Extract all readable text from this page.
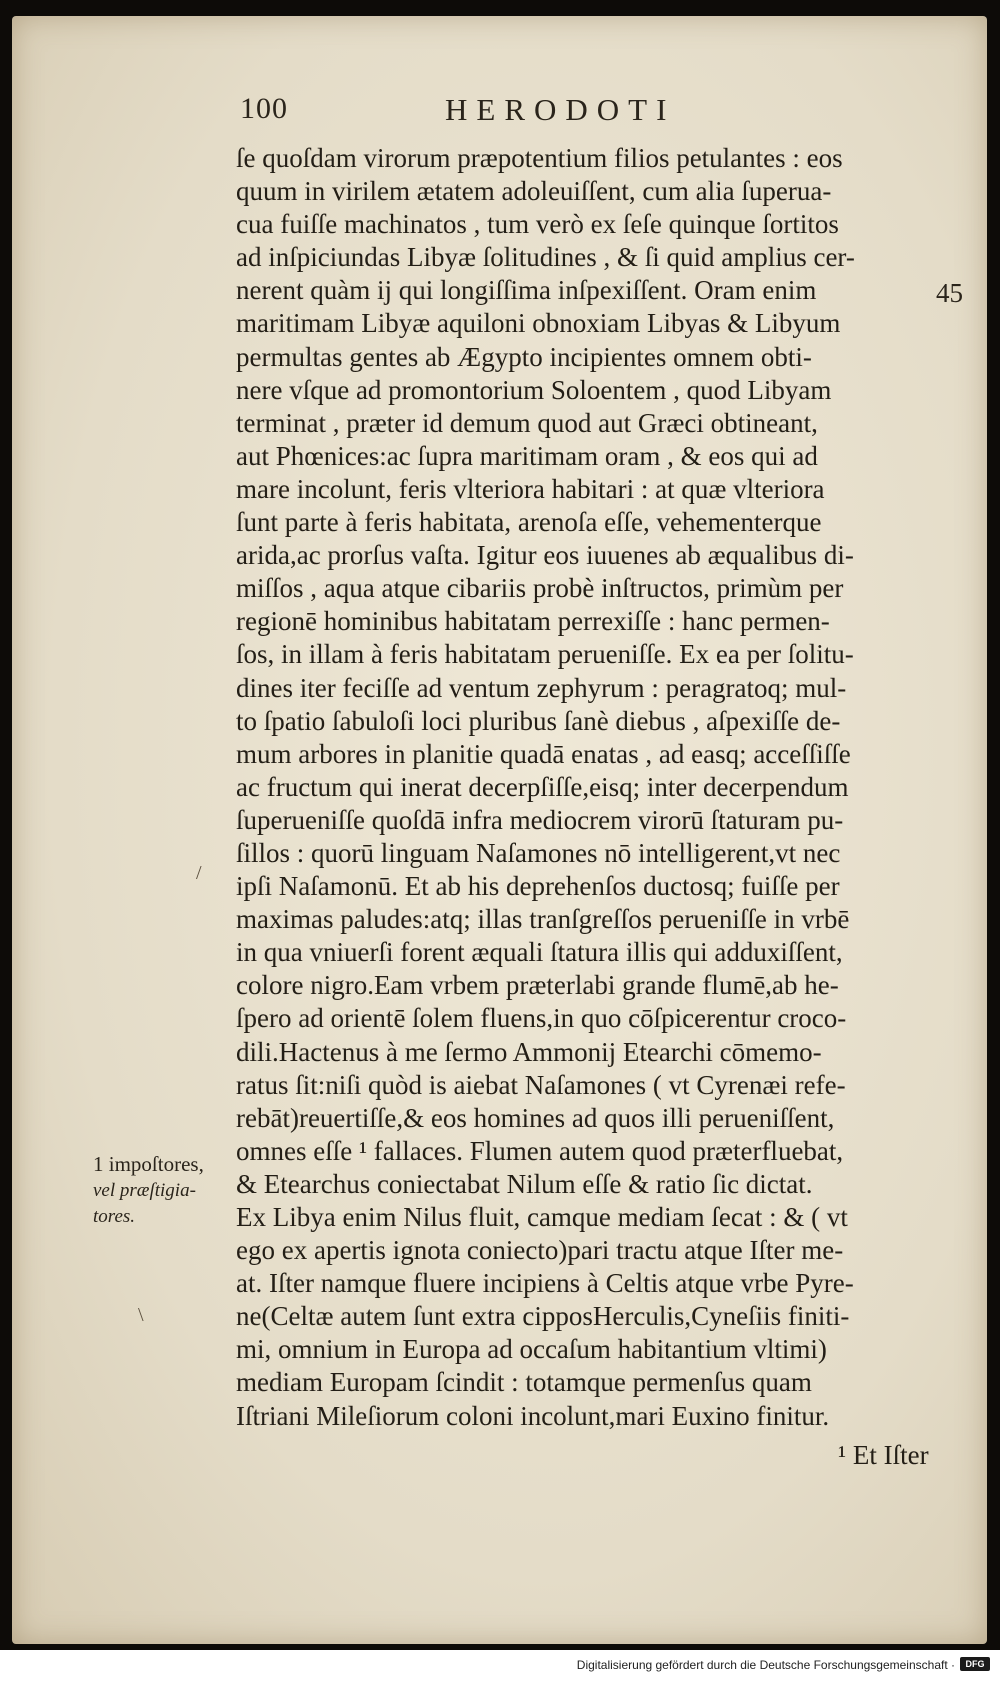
100	HERODOTI
ſe quoſdam virorum præpotentium filios petulantes : eos
quum in virilem ætatem adoleuiſſent, cum alia ſuperua-
cua fuiſſe machinatos , tum verò ex ſeſe quinque ſortitos
ad inſpiciundas Libyæ ſolitudines , & ſi quid amplius cer-
nerent quàm ij qui longiſſima inſpexiſſent. Oram enim
maritimam Libyæ aquiloni obnoxiam Libyas & Libyum
permultas gentes ab Ægypto incipientes omnem obti-
nere vſque ad promontorium Soloentem , quod Libyam
terminat , præter id demum quod aut Græci obtineant,
aut Phœnices:ac ſupra maritimam oram , & eos qui ad
mare incolunt, feris vlteriora habitari : at quæ vlteriora
ſunt parte à feris habitata, arenoſa eſſe, vehementerque
arida,ac prorſus vaſta. Igitur eos iuuenes ab æqualibus di-
miſſos , aqua atque cibariis probè inſtructos, primùm per
regionē hominibus habitatam perrexiſſe : hanc permen-
ſos, in illam à feris habitatam perueniſſe. Ex ea per ſolitu-
dines iter feciſſe ad ventum zephyrum : peragratoq; mul-
to ſpatio ſabuloſi loci pluribus ſanè diebus , aſpexiſſe de-
mum arbores in planitie quadā enatas , ad easq; acceſſiſſe
ac fructum qui inerat decerpſiſſe,eisq; inter decerpendum
ſuperueniſſe quoſdā infra mediocrem virorū ſtaturam pu-
ſillos : quorū linguam Naſamones nō intelligerent,vt nec
ipſi Naſamonū. Et ab his deprehenſos ductosq; fuiſſe per
maximas paludes:atq; illas tranſgreſſos perueniſſe in vrbē
in qua vniuerſi forent æquali ſtatura illis qui adduxiſſent,
colore nigro.Eam vrbem præterlabi grande flumē,ab he-
ſpero ad orientē ſolem fluens,in quo cōſpicerentur croco-
dili.Hactenus à me ſermo Ammonij Etearchi cōmemo-
ratus ſit:niſi quòd is aiebat Naſamones ( vt Cyrenæi refe-
rebāt)reuertiſſe,& eos homines ad quos illi perueniſſent,
omnes eſſe ¹ fallaces. Flumen autem quod præterfluebat,
& Etearchus coniectabat Nilum eſſe & ratio ſic dictat.
Ex Libya enim Nilus fluit, camque mediam ſecat : & ( vt
ego ex apertis ignota coniecto)pari tractu atque Iſter me-
at. Iſter namque fluere incipiens à Celtis atque vrbe Pyre-
ne(Celtæ autem ſunt extra cipposHerculis,Cyneſiis finiti-
mi, omnium in Europa ad occaſum habitantium vltimi)
mediam Europam ſcindit : totamque permenſus quam
Iſtriani Mileſiorum coloni incolunt,mari Euxino finitur.
¹ Et Iſter
45
1 impoſtores,
vel præſtigia-
tores.
/
\
Digitalisierung gefördert durch die Deutsche Forschungsgemeinschaft ·	DFG
